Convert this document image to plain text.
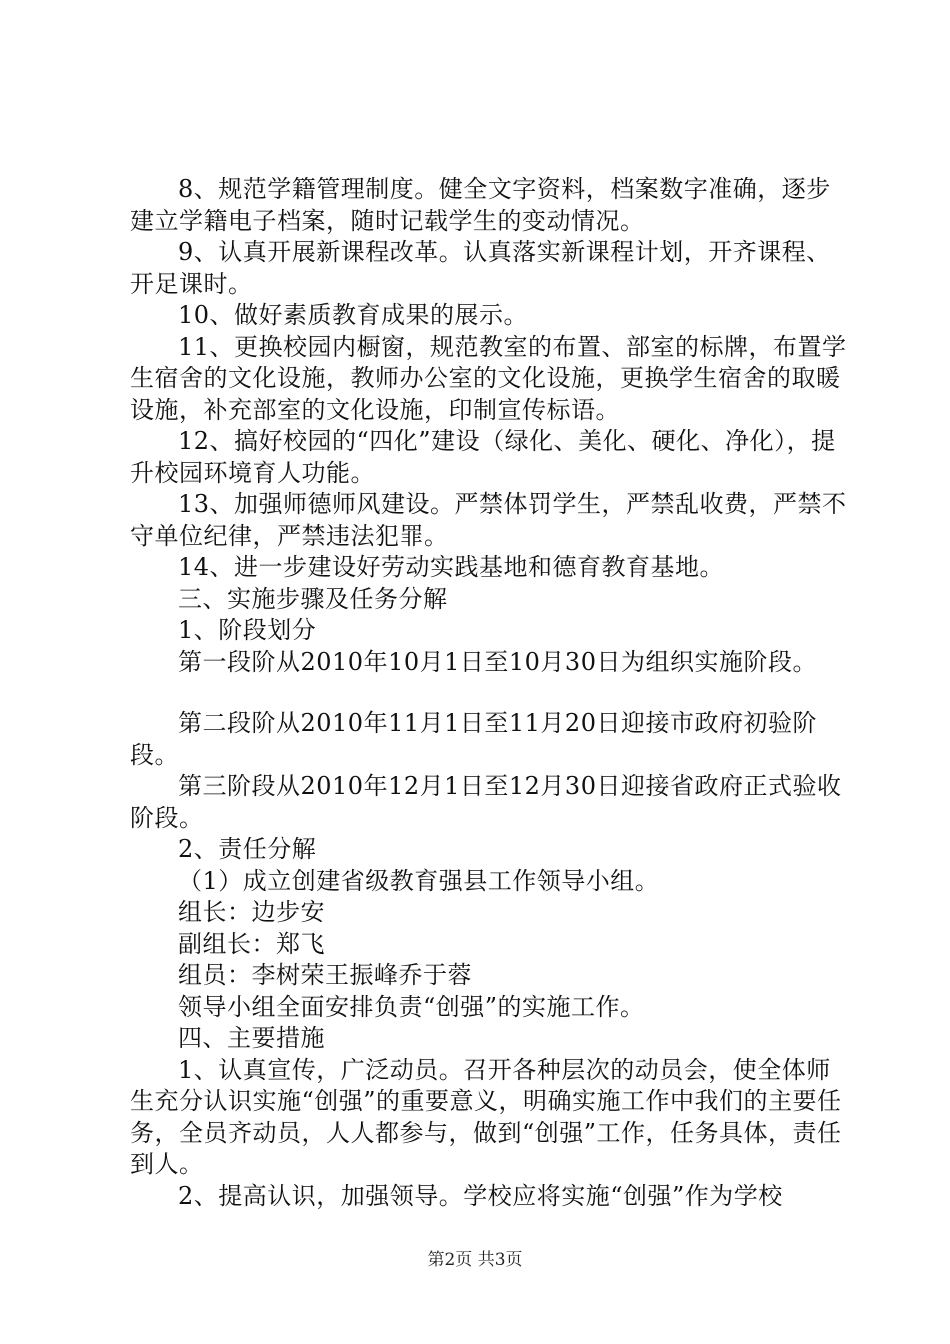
8、规范学籍管理制度。健全文字资料，档案数字准确，逐步建立学籍电子档案，随时记载学生的变动情况。

9、认真开展新课程改革。认真落实新课程计划，开齐课程、开足课时。

10、做好素质教育成果的展示。

11、更换校园内橱窗，规范教室的布置、部室的标牌，布置学生宿舍的文化设施，教师办公室的文化设施，更换学生宿舍的取暖设施，补充部室的文化设施，印制宣传标语。

12、搞好校园的“四化”建设（绿化、美化、硬化、净化），提升校园环境育人功能。

13、加强师德师风建设。严禁体罚学生，严禁乱收费，严禁不守单位纪律，严禁违法犯罪。

14、进一步建设好劳动实践基地和德育教育基地。

三、实施步骤及任务分解

1、阶段划分

第一段阶从2010年10月1日至10月30日为组织实施阶段。

第二段阶从2010年11月1日至11月20日迎接市政府初验阶段。

第三阶段从2010年12月1日至12月30日迎接省政府正式验收阶段。

2、责任分解

（1）成立创建省级教育强县工作领导小组。

组长：边步安

副组长：郑飞

组员：李树荣王振峰乔于蓉

领导小组全面安排负责“创强”的实施工作。

四、主要措施

1、认真宣传，广泛动员。召开各种层次的动员会，使全体师生充分认识实施“创强”的重要意义，明确实施工作中我们的主要任务，全员齐动员，人人都参与，做到“创强”工作，任务具体，责任到人。

2、提高认识，加强领导。学校应将实施“创强”作为学校

第2页 共3页
